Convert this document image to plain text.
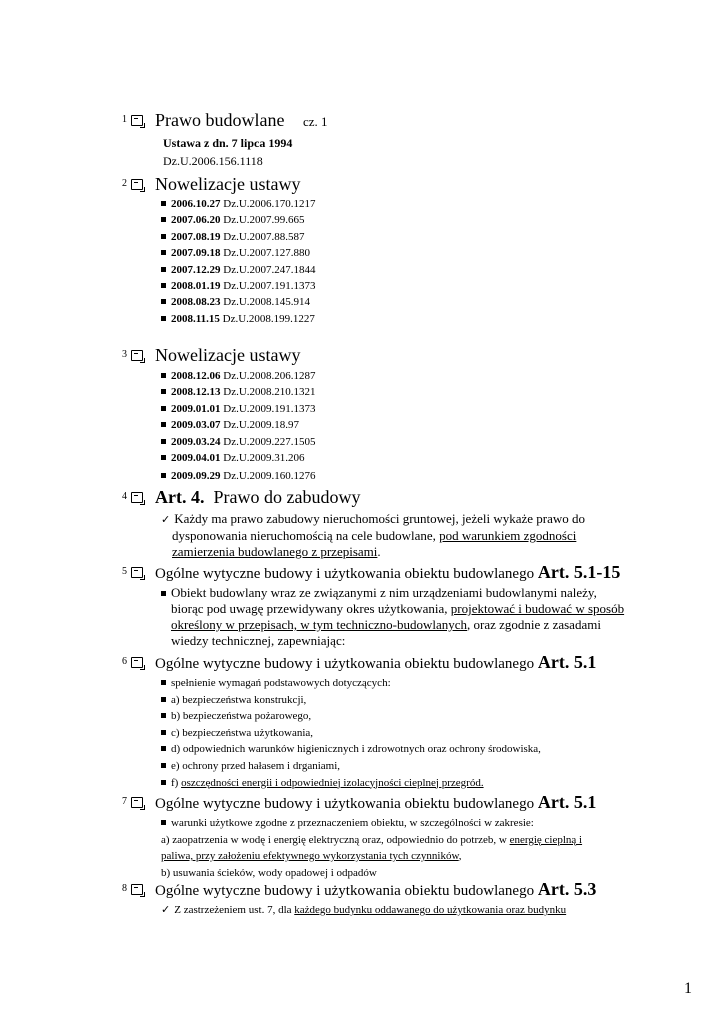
1 Prawo budowlane cz. 1
Ustawa z dn. 7 lipca 1994
Dz.U.2006.156.1118
2 Nowelizacje ustawy
2006.10.27 Dz.U.2006.170.1217
2007.06.20 Dz.U.2007.99.665
2007.08.19 Dz.U.2007.88.587
2007.09.18 Dz.U.2007.127.880
2007.12.29 Dz.U.2007.247.1844
2008.01.19 Dz.U.2007.191.1373
2008.08.23 Dz.U.2008.145.914
2008.11.15 Dz.U.2008.199.1227
3 Nowelizacje ustawy
2008.12.06 Dz.U.2008.206.1287
2008.12.13 Dz.U.2008.210.1321
2009.01.01 Dz.U.2009.191.1373
2009.03.07 Dz.U.2009.18.97
2009.03.24 Dz.U.2009.227.1505
2009.04.01 Dz.U.2009.31.206
2009.09.29 Dz.U.2009.160.1276
4 Art. 4. Prawo do zabudowy
✓ Każdy ma prawo zabudowy nieruchomości gruntowej, jeżeli wykaże prawo do
dysponowania nieruchomością na cele budowlane, pod warunkiem zgodności
zamierzenia budowlanego z przepisami.
5 Ogólne wytyczne budowy i użytkowania obiektu budowlanego Art. 5.1-15
Obiekt budowlany wraz ze związanymi z nim urządzeniami budowlanymi należy,
biorąc pod uwagę przewidywany okres użytkowania, projektować i budować w sposób
określony w przepisach, w tym techniczno-budowlanych, oraz zgodnie z zasadami
wiedzy technicznej, zapewniając:
6 Ogólne wytyczne budowy i użytkowania obiektu budowlanego Art. 5.1
spełnienie wymagań podstawowych dotyczących:
a) bezpieczeństwa konstrukcji,
b) bezpieczeństwa pożarowego,
c) bezpieczeństwa użytkowania,
d) odpowiednich warunków higienicznych i zdrowotnych oraz ochrony środowiska,
e) ochrony przed hałasem i drganiami,
f) oszczędności energii i odpowiedniej izolacyjności cieplnej przegród.
7 Ogólne wytyczne budowy i użytkowania obiektu budowlanego Art. 5.1
warunki użytkowe zgodne z przeznaczeniem obiektu, w szczególności w zakresie:
a) zaopatrzenia w wodę i energię elektryczną oraz, odpowiednio do potrzeb, w energię cieplną i
paliwa, przy założeniu efektywnego wykorzystania tych czynników,
b) usuwania ścieków, wody opadowej i odpadów
8 Ogólne wytyczne budowy i użytkowania obiektu budowlanego Art. 5.3
✓ Z zastrzeżeniem ust. 7, dla każdego budynku oddawanego do użytkowania oraz budynku
1
